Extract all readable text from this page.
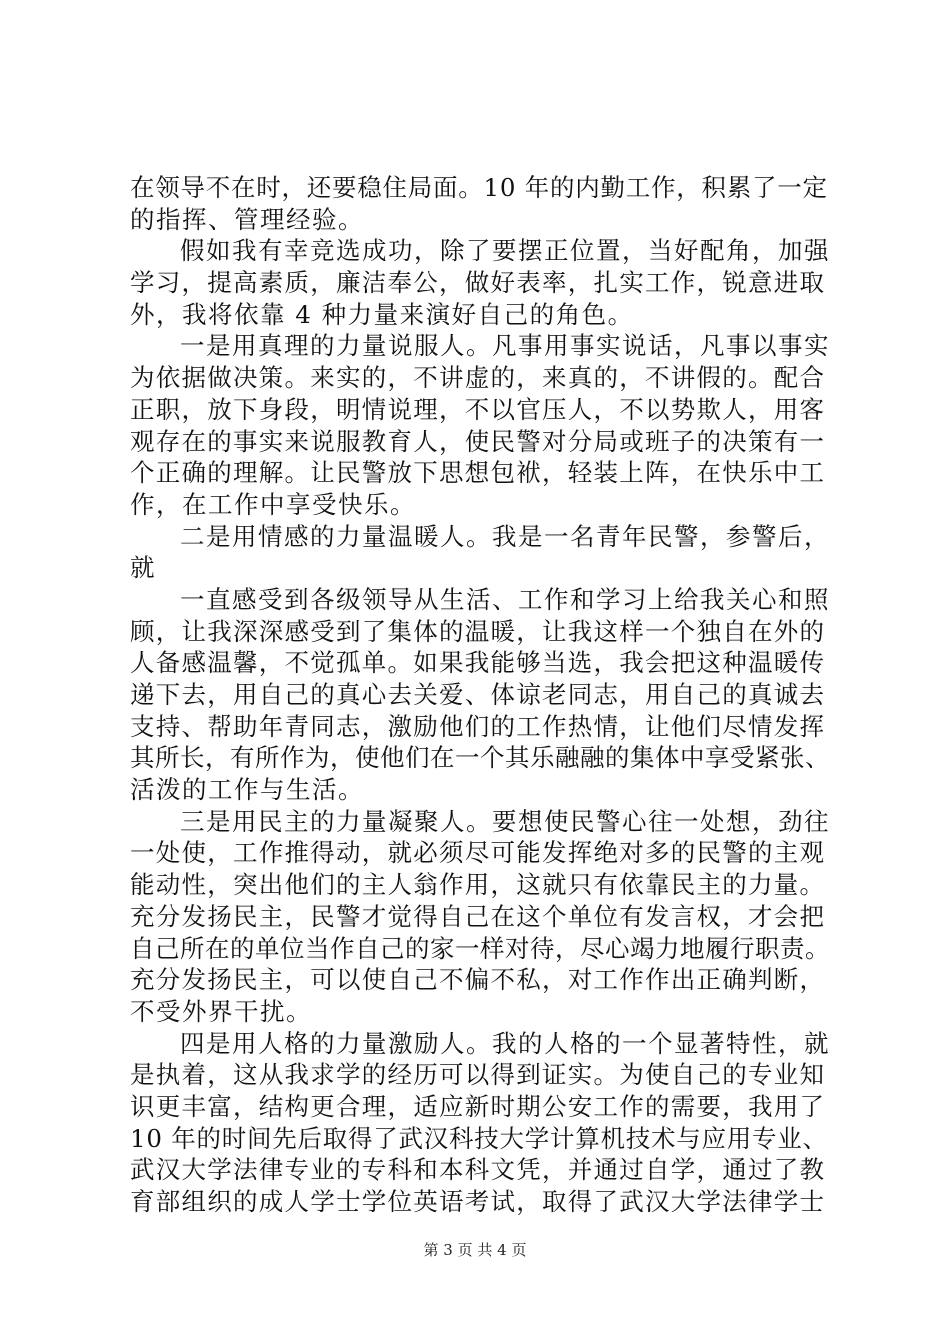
在领导不在时，还要稳住局面。10 年的内勤工作，积累了一定
的指挥、管理经验。
假如我有幸竞选成功，除了要摆正位置，当好配角，加强
学习，提高素质，廉洁奉公，做好表率，扎实工作，锐意进取
外，我将依靠 4 种力量来演好自己的角色。
一是用真理的力量说服人。凡事用事实说话，凡事以事实
为依据做决策。来实的，不讲虚的，来真的，不讲假的。配合
正职，放下身段，明情说理，不以官压人，不以势欺人，用客
观存在的事实来说服教育人，使民警对分局或班子的决策有一
个正确的理解。让民警放下思想包袱，轻装上阵，在快乐中工
作，在工作中享受快乐。
二是用情感的力量温暖人。我是一名青年民警，参警后，
就
一直感受到各级领导从生活、工作和学习上给我关心和照
顾，让我深深感受到了集体的温暖，让我这样一个独自在外的
人备感温馨，不觉孤单。如果我能够当选，我会把这种温暖传
递下去，用自己的真心去关爱、体谅老同志，用自己的真诚去
支持、帮助年青同志，激励他们的工作热情，让他们尽情发挥
其所长，有所作为，使他们在一个其乐融融的集体中享受紧张、
活泼的工作与生活。
三是用民主的力量凝聚人。要想使民警心往一处想，劲往
一处使，工作推得动，就必须尽可能发挥绝对多的民警的主观
能动性，突出他们的主人翁作用，这就只有依靠民主的力量。
充分发扬民主，民警才觉得自己在这个单位有发言权，才会把
自己所在的单位当作自己的家一样对待，尽心竭力地履行职责。
充分发扬民主，可以使自己不偏不私，对工作作出正确判断，
不受外界干扰。
四是用人格的力量激励人。我的人格的一个显著特性，就
是执着，这从我求学的经历可以得到证实。为使自己的专业知
识更丰富，结构更合理，适应新时期公安工作的需要，我用了
10 年的时间先后取得了武汉科技大学计算机技术与应用专业、
武汉大学法律专业的专科和本科文凭，并通过自学，通过了教
育部组织的成人学士学位英语考试，取得了武汉大学法律学士
第 3 页 共 4 页
